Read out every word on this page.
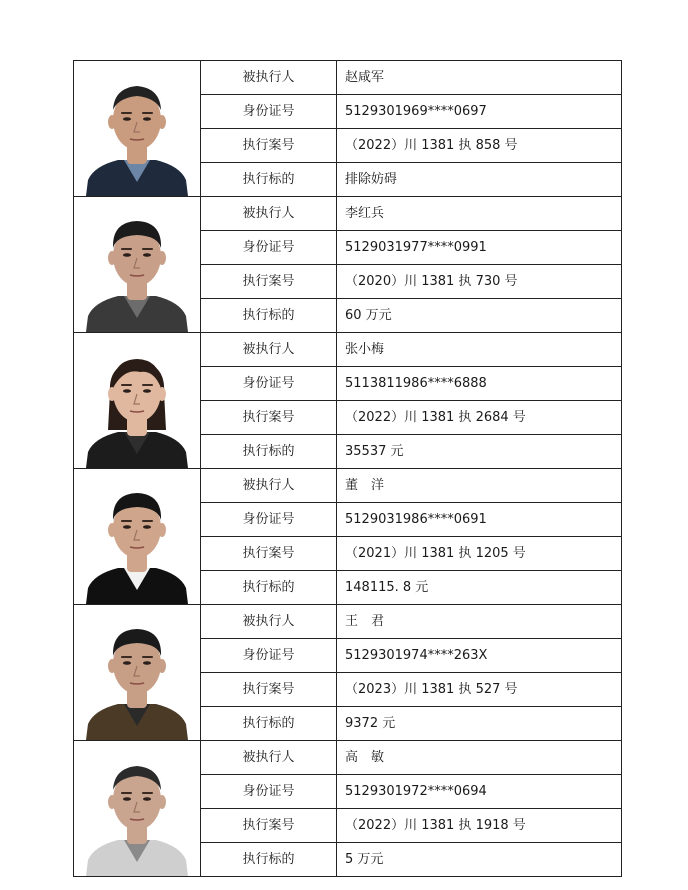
	被执行人	赵咸军
	身份证号	5129301969****0697
	执行案号	（2022）川 1381 执 858 号
	执行标的	排除妨碍

	被执行人	李红兵
	身份证号	5129031977****0991
	执行案号	（2020）川 1381 执 730 号
	执行标的	60 万元

	被执行人	张小梅
	身份证号	5113811986****6888
	执行案号	（2022）川 1381 执 2684 号
	执行标的	35537 元

	被执行人	董　洋
	身份证号	5129031986****0691
	执行案号	（2021）川 1381 执 1205 号
	执行标的	148115. 8 元

	被执行人	王　君
	身份证号	5129301974****263X
	执行案号	（2023）川 1381 执 527 号
	执行标的	9372 元

	被执行人	高　敏
	身份证号	5129301972****0694
	执行案号	（2022）川 1381 执 1918 号
	执行标的	5 万元
